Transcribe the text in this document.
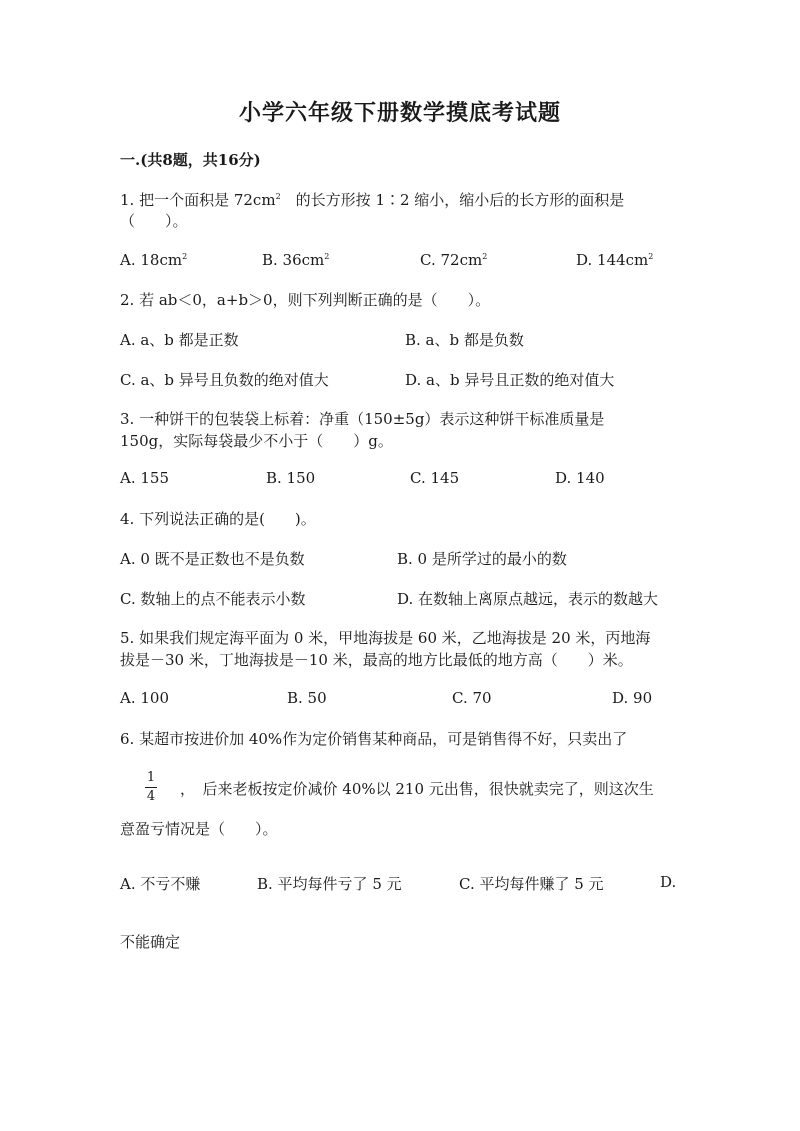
小学六年级下册数学摸底考试题
一.(共8题，共16分)
1. 把一个面积是 $72cm^2$　 的长方形按 1∶2 缩小，缩小后的长方形的面积是
（　　）。
A. $18cm^2$	B. $36cm^2$	C. $72cm^2$	D. $144cm^2$
2. 若 ab＜0，a+b＞0，则下列判断正确的是（　　）。
A. a、b 都是正数	B. a、b 都是负数
C. a、b 异号且负数的绝对值大	D. a、b 异号且正数的绝对值大
3. 一种饼干的包装袋上标着：净重（150±5g）表示这种饼干标准质量是
150g，实际每袋最少不小于（　　）g。
A. 155	B. 150	C. 145	D. 140
4. 下列说法正确的是(　　)。
A. 0 既不是正数也不是负数	B. 0 是所学过的最小的数
C. 数轴上的点不能表示小数	D. 在数轴上离原点越远，表示的数越大
5. 如果我们规定海平面为 0 米，甲地海拔是 60 米，乙地海拔是 20 米，丙地海
拔是－30 米，丁地海拔是－10 米，最高的地方比最低的地方高（　　）米。
A. 100	B. 50	C. 70	D. 90
6. 某超市按进价加 40%作为定价销售某种商品，可是销售得不好，只卖出了
1
4 ，　后来老板按定价减价 40%以 210 元出售，很快就卖完了，则这次生
意盈亏情况是（　　）。
A. 不亏不赚	B. 平均每件亏了 5 元	C. 平均每件赚了 5 元	D.
不能确定
